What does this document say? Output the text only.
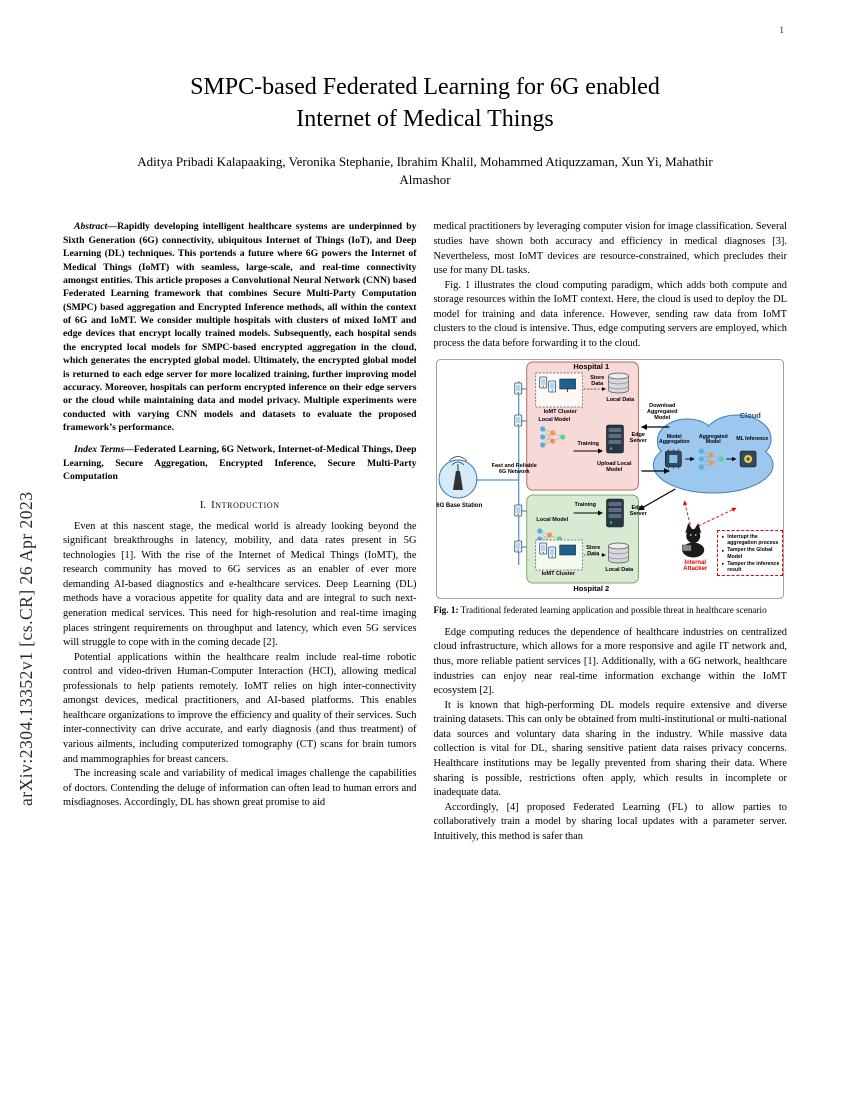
1
arXiv:2304.13352v1 [cs.CR] 26 Apr 2023
SMPC-based Federated Learning for 6G enabled
Internet of Medical Things
Aditya Pribadi Kalapaaking, Veronika Stephanie, Ibrahim Khalil, Mohammed Atiquzzaman, Xun Yi, Mahathir
Almashor

Abstract—Rapidly developing intelligent healthcare systems are underpinned by Sixth Generation (6G) connectivity, ubiquitous Internet of Things (IoT), and Deep Learning (DL) techniques. This portends a future where 6G powers the Internet of Medical Things (IoMT) with seamless, large-scale, and real-time connectivity amongst entities. This article proposes a Convolutional Neural Network (CNN) based Federated Learning framework that combines Secure Multi-Party Computation (SMPC) based aggregation and Encrypted Inference methods, all within the context of 6G and IoMT. We consider multiple hospitals with clusters of mixed IoMT and edge devices that encrypt locally trained models. Subsequently, each hospital sends the encrypted local models for SMPC-based encrypted aggregation in the cloud, which generates the encrypted global model. Ultimately, the encrypted global model is returned to each edge server for more localized training, further improving model accuracy. Moreover, hospitals can perform encrypted inference on their edge servers or the cloud while maintaining data and model privacy. Multiple experiments were conducted with varying CNN models and datasets to evaluate the proposed framework’s performance.

Index Terms—Federated Learning, 6G Network, Internet-of-Medical Things, Deep Learning, Secure Aggregation, Encrypted Inference, Secure Multi-Party Computation

I. Introduction

Even at this nascent stage, the medical world is already looking beyond the significant breakthroughs in latency, mobility, and data rates present in 5G technologies [1]. With the rise of the Internet of Medical Things (IoMT), the research community has moved to 6G services as an enabler of ever more demanding AI-based diagnostics and e-healthcare services. Deep Learning (DL) methods have a voracious appetite for quality data and are integral to such next-generation medical services. This need for high-resolution and real-time imaging places stringent requirements on throughput and latency, which even 5G services will struggle to cope with in the coming decade [2].

Potential applications within the healthcare realm include real-time robotic control and video-driven Human-Computer Interaction (HCI), allowing medical professionals to help patients remotely. IoMT relies on high inter-connectivity amongst devices, medical practitioners, and AI-based platforms. This enables healthcare organizations to improve the efficiency and quality of their services. Such inter-connectivity can drive accurate, and early diagnosis (and thus treatment) of various ailments, including computerized tomography (CT) scans for brain tumors and mammographies for breast cancers.

The increasing scale and variability of medical images challenge the capabilities of doctors. Contending the deluge of information can often lead to human errors and misdiagnoses. Accordingly, DL has shown great promise to aid

medical practitioners by leveraging computer vision for image classification. Several studies have shown both accuracy and efficiency in medical diagnoses [3]. Nevertheless, most IoMT devices are resource-constrained, which precludes their use for many DL tasks.

Fig. 1 illustrates the cloud computing paradigm, which adds both compute and storage resources within the IoMT context. Here, the cloud is used to deploy the DL model for training and data inference. However, sending raw data from IoMT clusters to the cloud is intensive. Thus, edge computing servers are employed, which process the data before forwarding it to the cloud.

Hospital 1
IoMT Cluster
Store Data
Local Data
Local Model
Training
Edge Server
Download Aggregated Model
Upload Local Model
Cloud
Model Aggregation
Aggregated Model
ML Inference
Fast and Reliable 6G Network
6G Base Station	Training	Edge Server
Local Model
IoMT Cluster
Store Data
Local Data
Hospital 2
Internal Attacker
► Interrupt the aggregation process
► Tamper the Global Model
► Tamper the inference result

Fig. 1: Traditional federated learning application and possible threat in healthcare scenario

Edge computing reduces the dependence of healthcare industries on centralized cloud infrastructure, which allows for a more responsive and agile IT network and, thus, more reliable patient services [1]. Additionally, with a 6G network, healthcare industries can enjoy near real-time information exchange within the IoMT ecosystem [2].

It is known that high-performing DL models require extensive and diverse training datasets. This can only be obtained from multi-institutional or multi-national data sources and voluntary data sharing in the industry. While massive data collection is vital for DL, sharing sensitive patient data raises privacy concerns. Healthcare institutions may be legally prevented from sharing their data. Where sharing is possible, restrictions often apply, which results in incomplete or inadequate data.

Accordingly, [4] proposed Federated Learning (FL) to allow parties to collaboratively train a model by sharing local updates with a parameter server. Intuitively, this method is safer than
